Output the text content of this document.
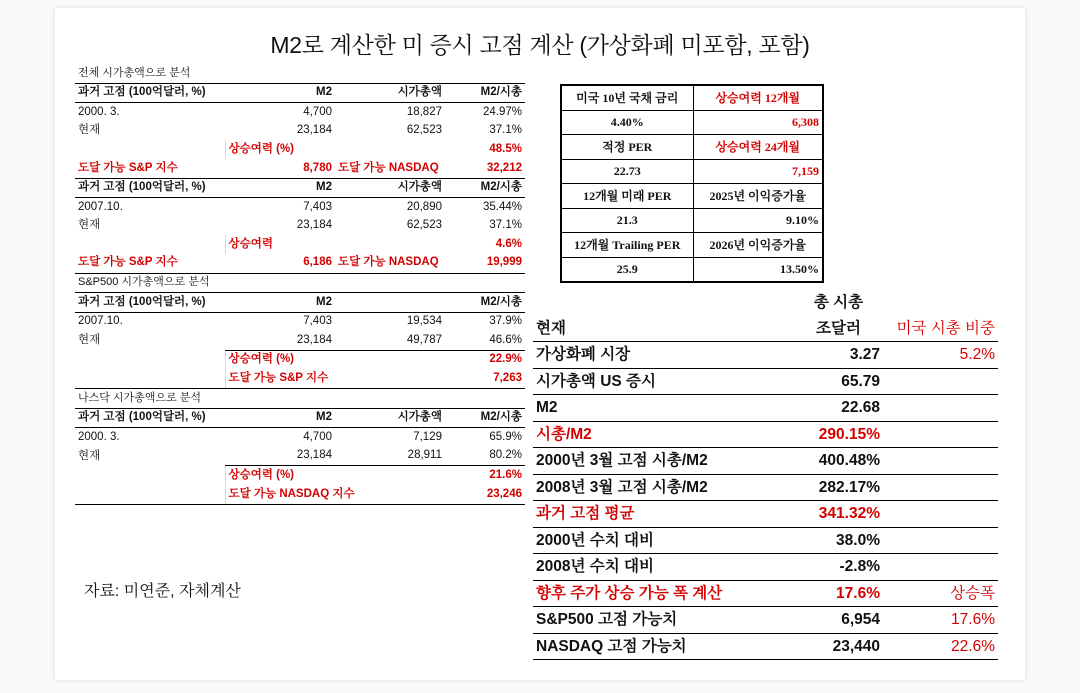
M2로 계산한 미 증시 고점 계산 (가상화폐 미포함, 포함)
전체 시가총액으로 분석			
과거 고점 (100억달러, %)	M2	시가총액	M2/시총
2000. 3.	4,700	18,827	24.97%
현재	23,184	62,523	37.1%
	상승여력 (%)		48.5%
도달 가능 S&P 지수	8,780	도달 가능 NASDAQ	32,212
과거 고점 (100억달러, %)	M2	시가총액	M2/시총
2007.10.	7,403	20,890	35.44%
현재	23,184	62,523	37.1%
	상승여력		4.6%
도달 가능 S&P 지수	6,186	도달 가능 NASDAQ	19,999
S&P500 시가총액으로 분석			
과거 고점 (100억달러, %)	M2		M2/시총
2007.10.	7,403	19,534	37.9%
현재	23,184	49,787	46.6%
	상승여력 (%)		22.9%
	도달 가능 S&P 지수		7,263
나스닥 시가총액으로 분석			
과거 고점 (100억달러, %)	M2	시가총액	M2/시총
2000. 3.	4,700	7,129	65.9%
현재	23,184	28,911	80.2%
	상승여력 (%)		21.6%
	도달 가능 NASDAQ 지수		23,246
자료: 미연준, 자체계산
미국 10년 국채 금리	상승여력 12개월
4.40%	6,308
적정 PER	상승여력 24개월
22.73	7,159
12개월 미래 PER	2025년 이익증가율
21.3	9.10%
12개월 Trailing PER	2026년 이익증가율
25.9	13.50%
	총 시총	
현재	조달러	미국 시총 비중
가상화폐 시장	3.27	5.2%
시가총액 US 증시	65.79	
M2	22.68	
시총/M2	290.15%	
2000년 3월 고점 시총/M2	400.48%	
2008년 3월 고점 시총/M2	282.17%	
과거 고점 평균	341.32%	
2000년 수치 대비	38.0%	
2008년 수치 대비	-2.8%	
향후 주가 상승 가능 폭 계산	17.6%	상승폭
S&P500 고점 가능치	6,954	17.6%
NASDAQ 고점 가능치	23,440	22.6%
